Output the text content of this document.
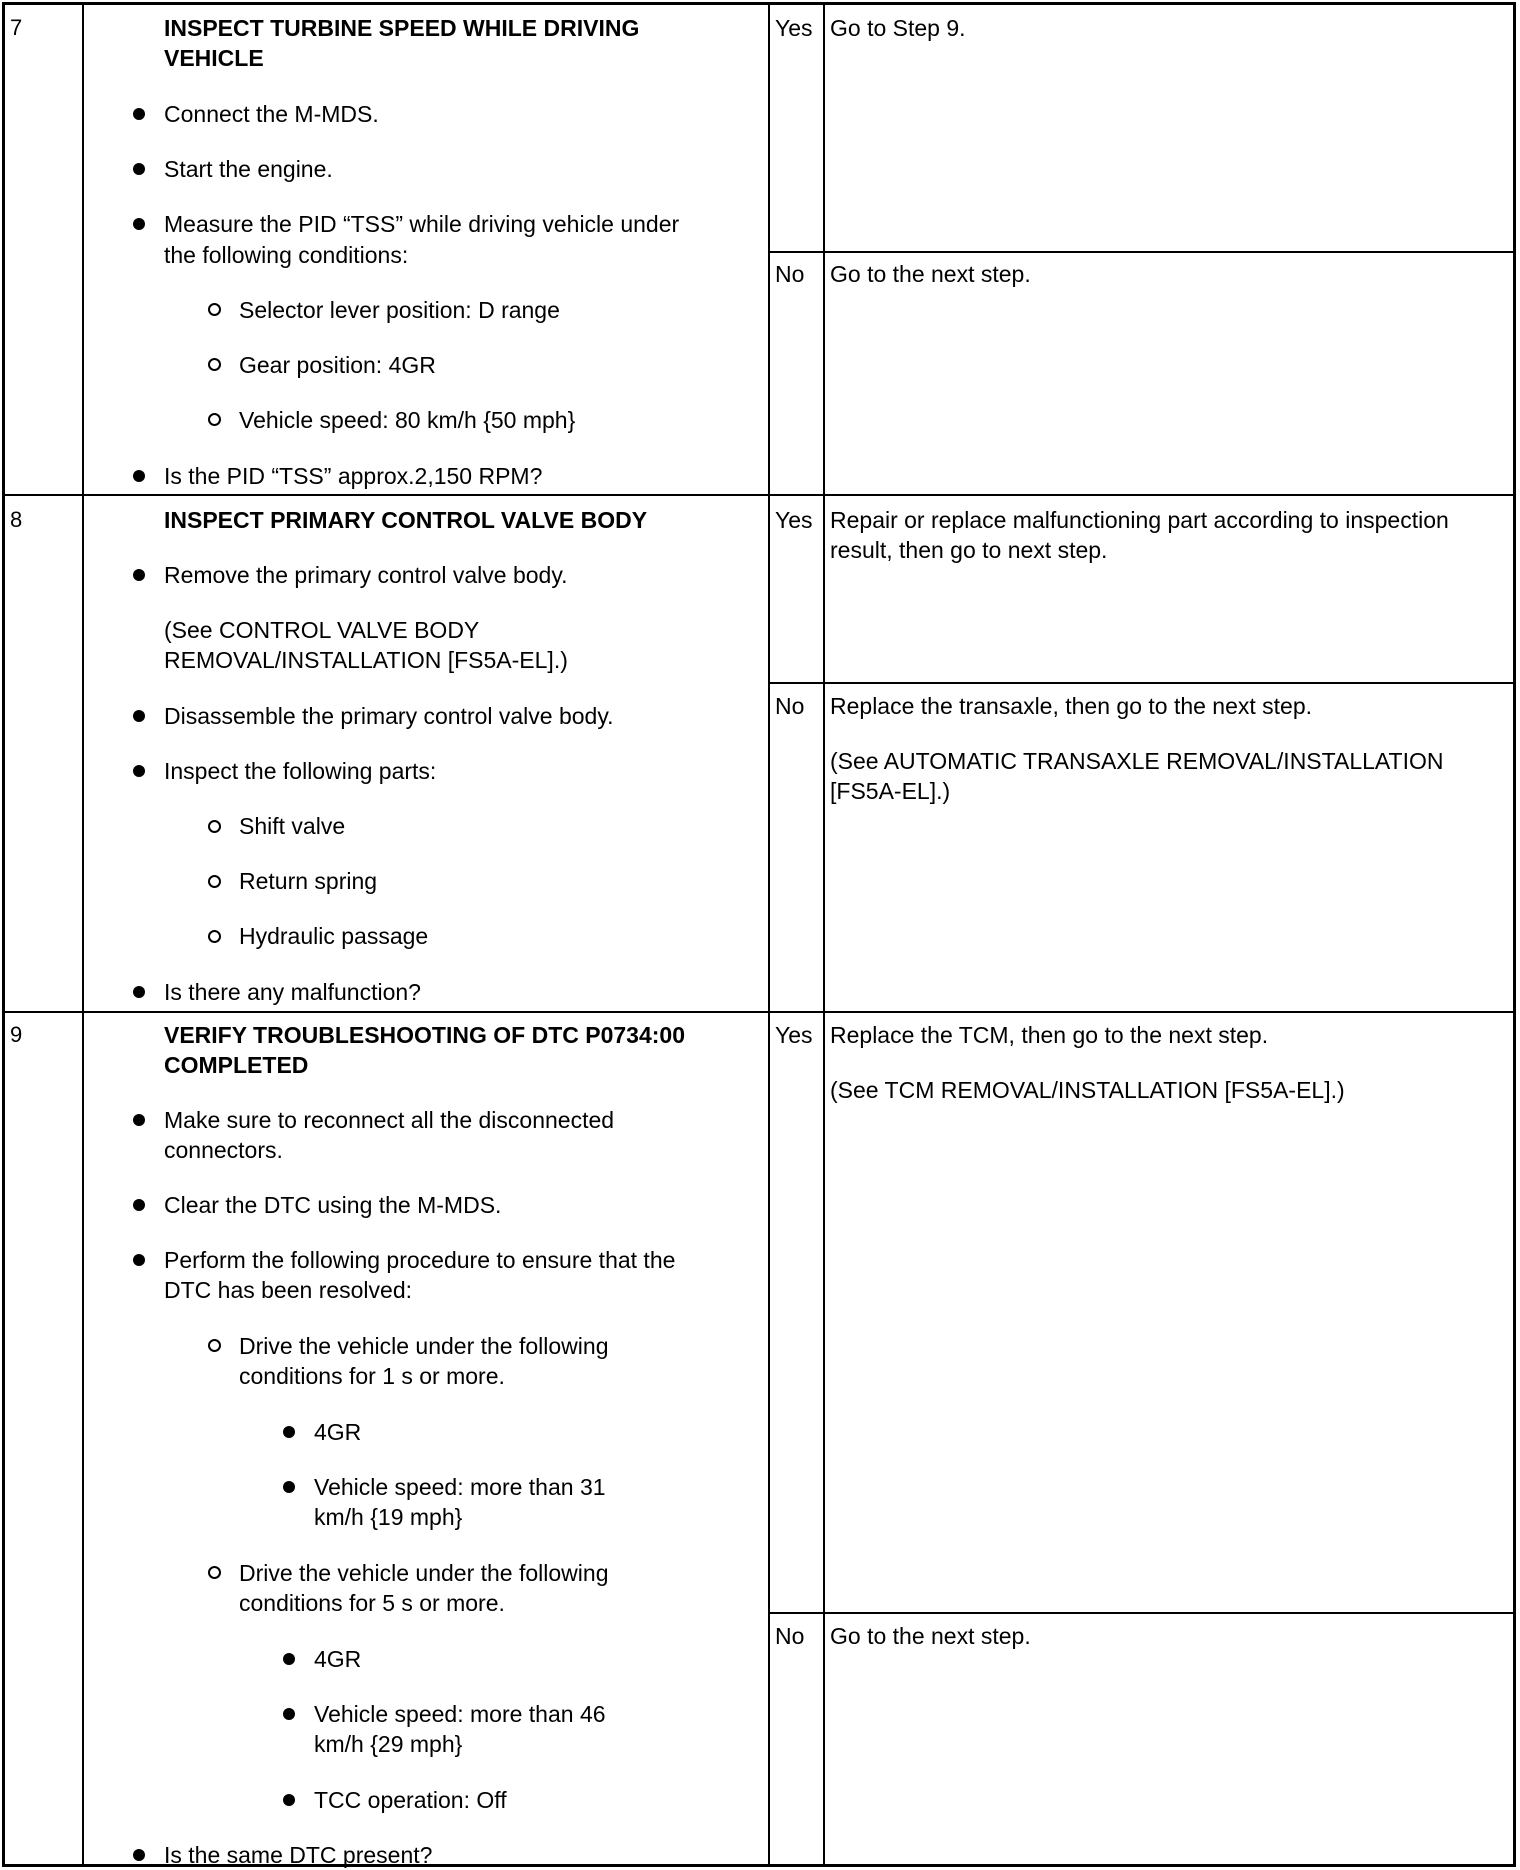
7	INSPECT TURBINE SPEED WHILE DRIVING
VEHICLE
Connect the M-MDS.
Start the engine.
Measure the PID “TSS” while driving vehicle under
the following conditions:
Selector lever position: D range
Gear position: 4GR
Vehicle speed: 80 km/h {50 mph}
Is the PID “TSS” approx.2,150 RPM?
Yes Go to Step 9.
No Go to the next step.
8	INSPECT PRIMARY CONTROL VALVE BODY
Remove the primary control valve body.
(See CONTROL VALVE BODY
REMOVAL/INSTALLATION [FS5A-EL].)
Disassemble the primary control valve body.
Inspect the following parts:
Shift valve
Return spring
Hydraulic passage
Is there any malfunction?
Yes Repair or replace malfunctioning part according to inspection
result, then go to next step.
No Replace the transaxle, then go to the next step.
(See AUTOMATIC TRANSAXLE REMOVAL/INSTALLATION
[FS5A-EL].)
9	VERIFY TROUBLESHOOTING OF DTC P0734:00
COMPLETED
Make sure to reconnect all the disconnected
connectors.
Clear the DTC using the M-MDS.
Perform the following procedure to ensure that the
DTC has been resolved:
Drive the vehicle under the following
conditions for 1 s or more.
4GR
Vehicle speed: more than 31
km/h {19 mph}
Drive the vehicle under the following
conditions for 5 s or more.
4GR
Vehicle speed: more than 46
km/h {29 mph}
TCC operation: Off
Is the same DTC present?
Yes Replace the TCM, then go to the next step.
(See TCM REMOVAL/INSTALLATION [FS5A-EL].)
No Go to the next step.
